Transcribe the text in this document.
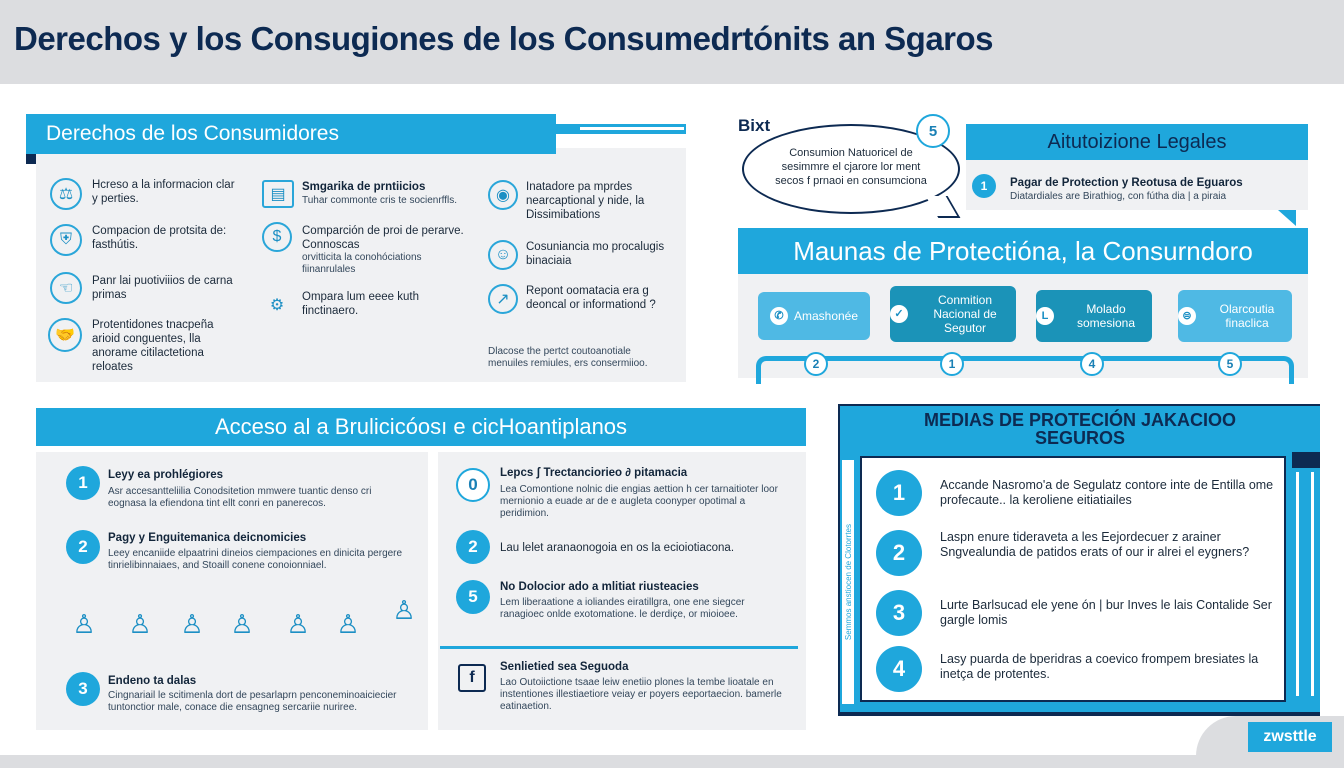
Derechos y los Consugiones de los Consumedrtónits an Sgaros
Derechos de los Consumidores
⚖
Hcreso a la informacion clar y perties.
⛨	Compacion de protsita de: fasthútis.
☜	Panr lai puotiviiios de carna primas
🤝
Protentidones tnacpeña arioid conguentes, lla anorame citilactetiona reloates
▤	Smgarika de prntiicios
Tuhar commonte cris te socienrffls.
$	Comparción de proi de perarve. Connoscas
orvitticita la conohóciations fiinanrulales
⚙	Ompara lum eeee kuth finctinaero.
◉	Inatadore pa mprdes nearcaptional y nide, la Dissimibations
☺	Cosuniancia mo procalugis binaciaia
↗	Repont oomatacia era g deoncal or informationd ?
Dlacose the pertct coutoanotiale menuiles remiules, ers consermiioo.
Bixt
Consumion Natuoricel de sesimmre el cjarore lor ment secos f prnaoi en consumciona
5	Aitutoizione Legales
1	Pagar de Protection y Reotusa de Eguaros
Diatardiales are Birathiog, con fútha dia | a piraia
Maunas de Protectióna, la Consurndoro
✆ Amashonée	✓
Conmition Nacional de Segutor
L	Molado somesiona	⊜	Olarcoutia finaclica
2	1	4	5
Acceso al a Brulicicóosı e cicHoantiplanos
1	Leyy ea prohlégiores
Asr accesantteliilia Conodsitetion mmwere tuantic denso cri eognasa la efiendona tint ellt conri en panerecos.
2	Pagy y Enguitemanica deicnomicies
Leey encaniide elpaatrini dineios ciempaciones en dinicita pergere tinrielibinnaiaes, and Stoaill conene conoionniael.
♙	♙	♙	♙	♙	♙	♙
3	Endeno ta dalas
Cingnariail le scitimenla dort de pesarlaprn penconeminoaiciecier tuntonctior male, conace die ensagneg sercariie nuriree.
0
Lepcs ʃ Trectanciorieo ∂ pitamacia
Lea Comontione nolnic die engias aettion h cer tarnaitioter loor mernionio a euade ar de e augleta coonyper opotimal a peridimion.
2	Lau lelet aranaonogoia en os la ecioiotiacona.
5	No Dolocior ado a mlitiat riusteacies
Lem liberaatione a ioliandes eiratillgra, one ene siegcer ranagioec onlde exotomatione. le derdiçe, or mioioee.
f
Senlietied sea Seguoda
Lao Outoiictione tsaae leiw enetiio plones la tembe lioatale en instentiones illestiaetiore veiay er poyers eeportaecion. bamerle eatinaetion.
MEDIAS DE PROTECIÓN JAKACIOO SEGUROS
Semmos anstiocen de Clotorrtes
1	Accande Nasromo'a de Segulatz contore inte de Entilla ome profecaute.. la keroliene eitiatiailes
2
Laspn enure tideraveta a les Eejordecuer z arainer Sngvealundia de patidos erats of our ir alrei el eygners?
3	Lurte Barlsucad ele yene ón | bur Inves le lais Contalide Ser gargle lomis
4	Lasy puarda de bperidras a coevico frompem bresiates la inetça de protentes.
zwsttle
